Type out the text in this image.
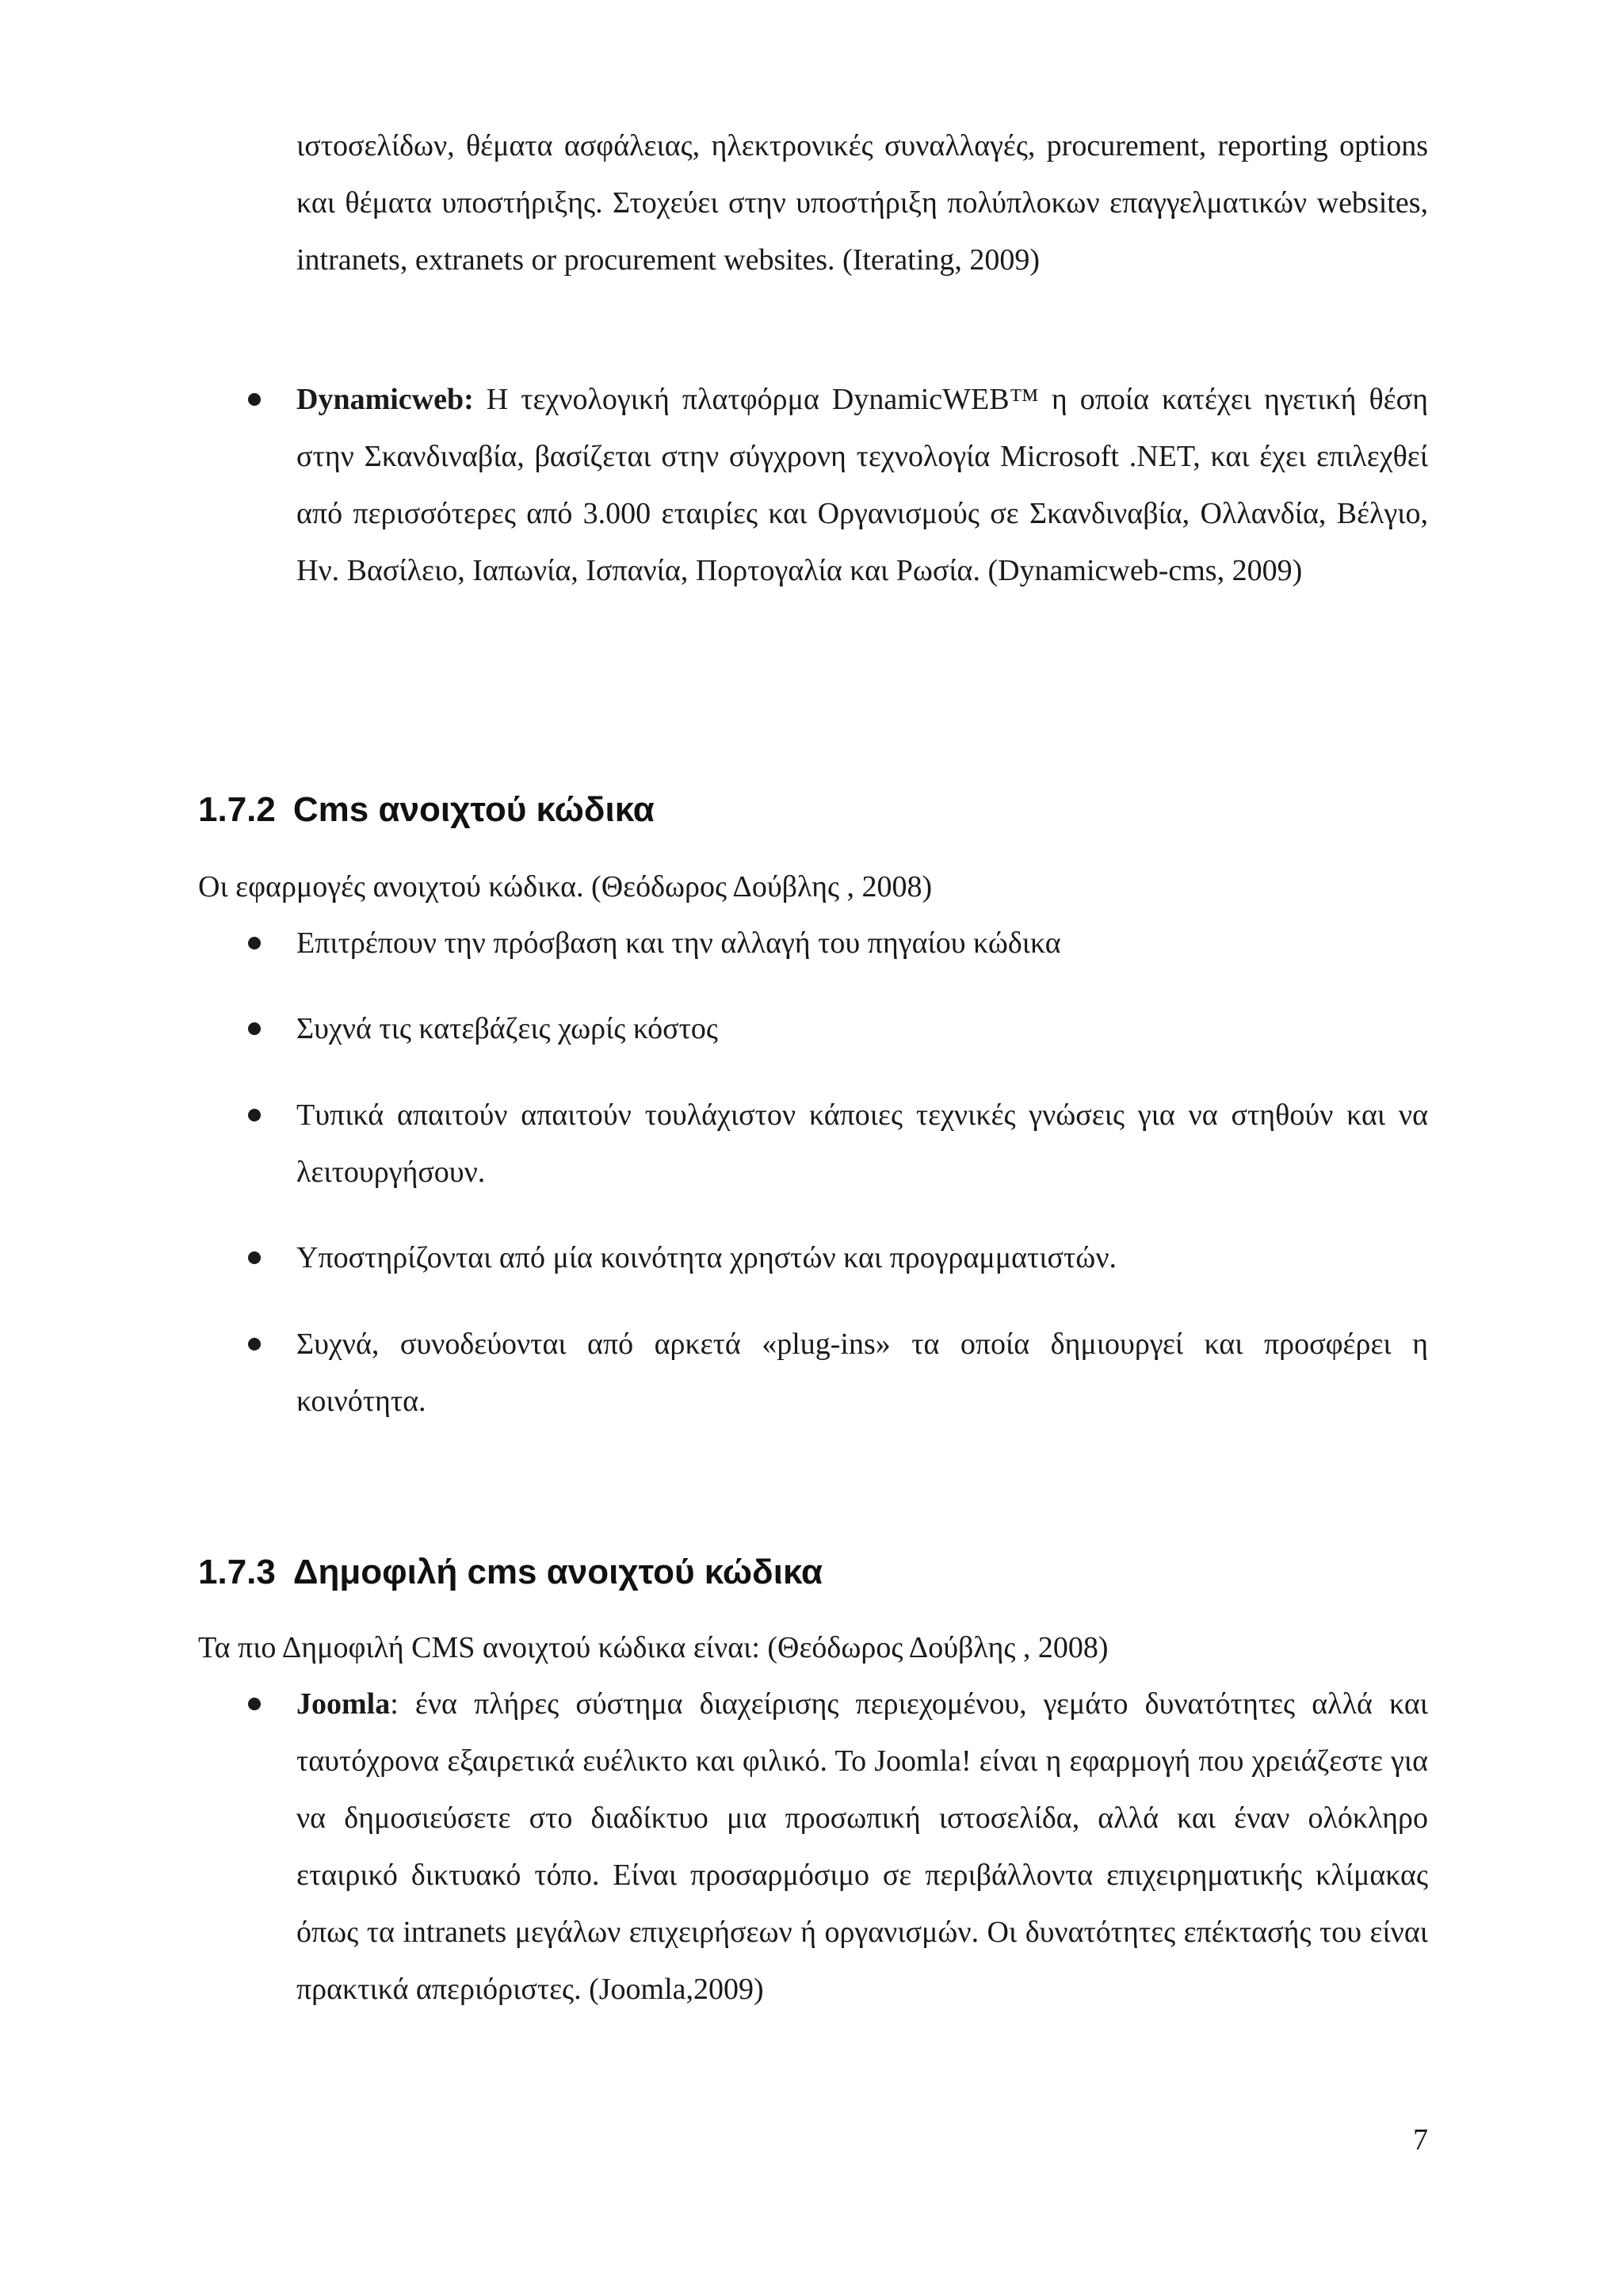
ιστοσελίδων, θέματα ασφάλειας, ηλεκτρονικές συναλλαγές, procurement, reporting options και θέματα υποστήριξης. Στοχεύει στην υποστήριξη πολύπλοκων επαγγελματικών websites, intranets, extranets or procurement websites. (Iterating, 2009)

Dynamicweb: Η τεχνολογική πλατφόρμα DynamicWEB™ η οποία κατέχει ηγετική θέση στην Σκανδιναβία, βασίζεται στην σύγχρονη τεχνολογία Microsoft .NET, και έχει επιλεχθεί από περισσότερες από 3.000 εταιρίες και Οργανισμούς σε Σκανδιναβία, Ολλανδία, Βέλγιο, Ην. Βασίλειο, Ιαπωνία, Ισπανία, Πορτογαλία και Ρωσία. (Dynamicweb-cms, 2009)

1.7.2 Cms ανοιχτού κώδικα

Οι εφαρμογές ανοιχτού κώδικα. (Θεόδωρος Δούβλης , 2008)

Επιτρέπουν την πρόσβαση και την αλλαγή του πηγαίου κώδικα

Συχνά τις κατεβάζεις χωρίς κόστος

Τυπικά απαιτούν απαιτούν τουλάχιστον κάποιες τεχνικές γνώσεις για να στηθούν και να λειτουργήσουν.

Υποστηρίζονται από μία κοινότητα χρηστών και προγραμματιστών.

Συχνά, συνοδεύονται από αρκετά «plug-ins» τα οποία δημιουργεί και προσφέρει η κοινότητα.

1.7.3 Δημοφιλή cms ανοιχτού κώδικα

Τα πιο Δημοφιλή CMS ανοιχτού κώδικα είναι: (Θεόδωρος Δούβλης , 2008)

Joomla: ένα πλήρες σύστημα διαχείρισης περιεχομένου, γεμάτο δυνατότητες αλλά και ταυτόχρονα εξαιρετικά ευέλικτο και φιλικό. Το Joomla! είναι η εφαρμογή που χρειάζεστε για να δημοσιεύσετε στο διαδίκτυο μια προσωπική ιστοσελίδα, αλλά και έναν ολόκληρο εταιρικό δικτυακό τόπο. Είναι προσαρμόσιμο σε περιβάλλοντα επιχειρηματικής κλίμακας όπως τα intranets μεγάλων επιχειρήσεων ή οργανισμών. Οι δυνατότητες επέκτασής του είναι πρακτικά απεριόριστες. (Joomla,2009)

7
